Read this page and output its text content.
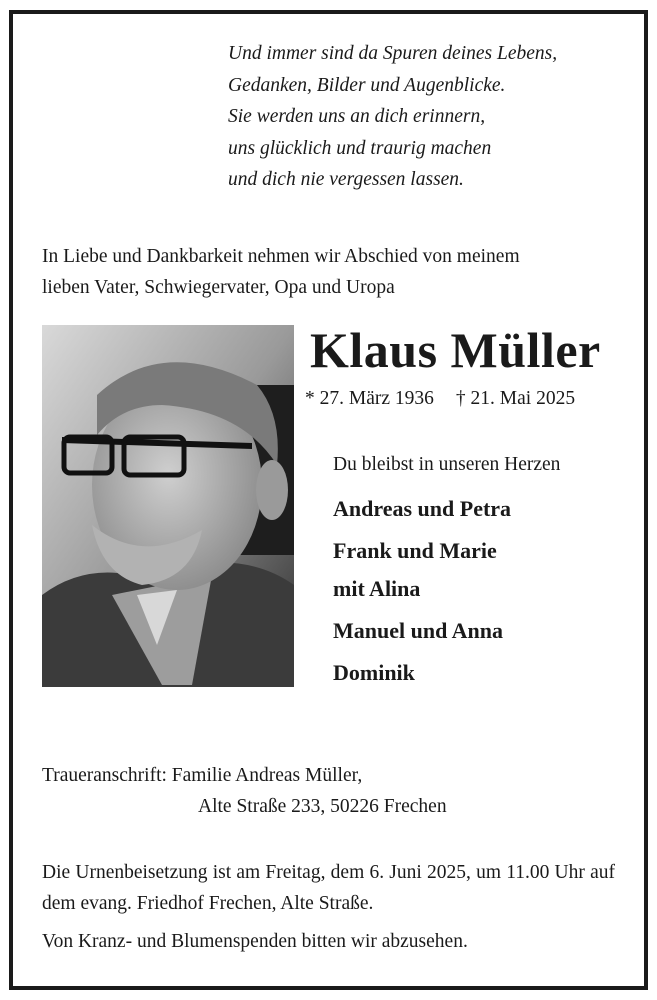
Und immer sind da Spuren deines Lebens,
Gedanken, Bilder und Augenblicke.
Sie werden uns an dich erinnern,
uns glücklich und traurig machen
und dich nie vergessen lassen.
In Liebe und Dankbarkeit nehmen wir Abschied von meinem
lieben Vater, Schwiegervater, Opa und Uropa
Klaus Müller
* 27. März 1936 † 21. Mai 2025
Du bleibst in unseren Herzen
Andreas und Petra
Frank und Marie
mit Alina
Manuel und Anna
Dominik
Traueranschrift: Familie Andreas Müller,
Alte Straße 233, 50226 Frechen

Die Urnenbeisetzung ist am Freitag, dem 6. Juni 2025, um 11.00 Uhr auf dem evang. Friedhof Frechen, Alte Straße.

Von Kranz- und Blumenspenden bitten wir abzusehen.
